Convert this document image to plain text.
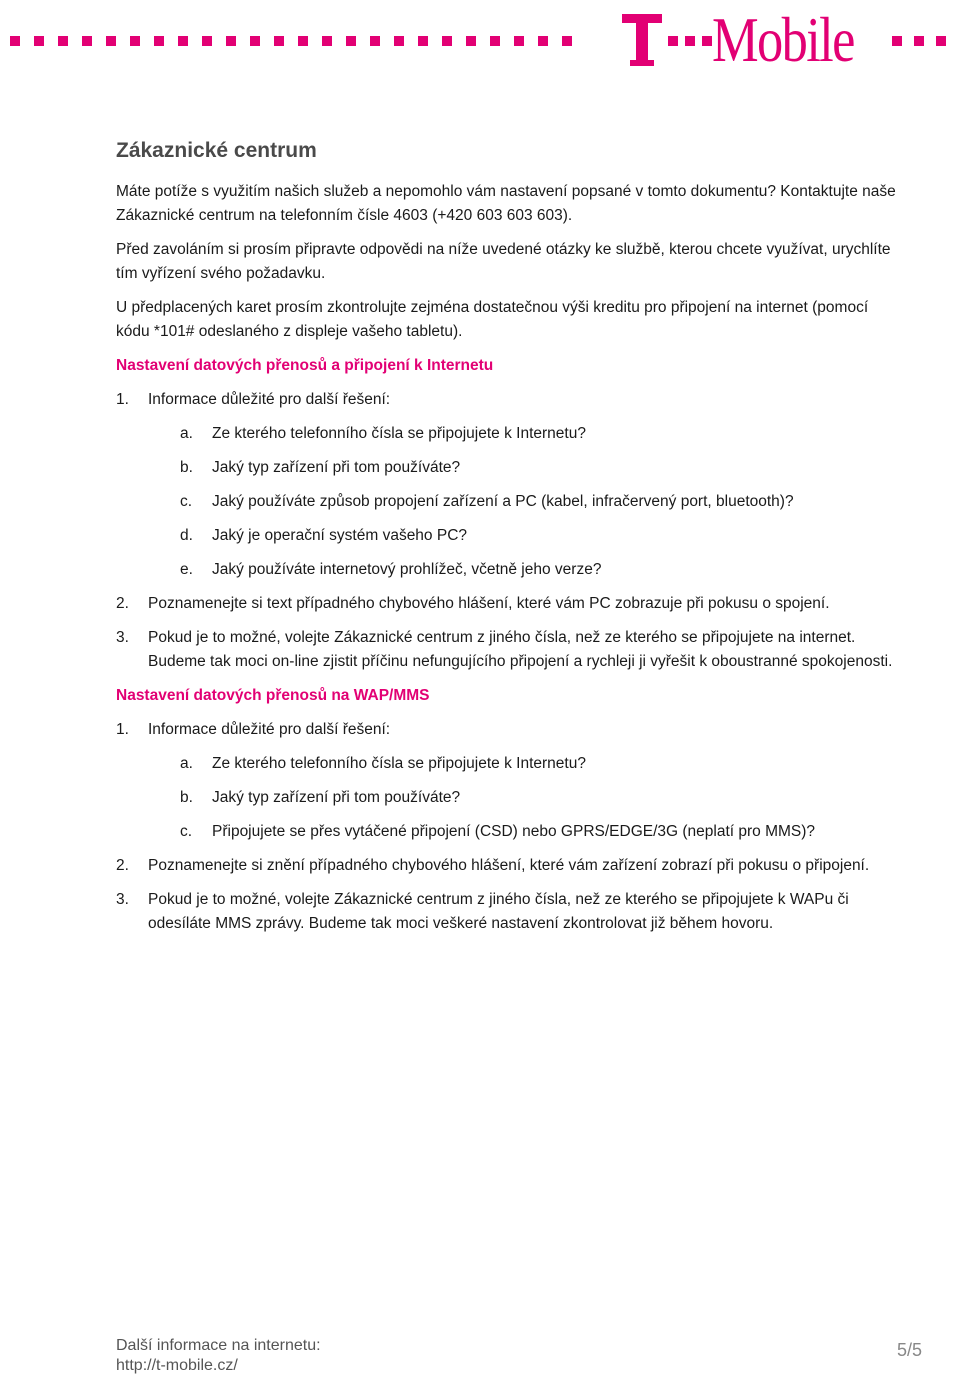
Mobile
Zákaznické centrum

Máte potíže s využitím našich služeb a nepomohlo vám nastavení popsané v tomto dokumentu? Kontaktujte naše Zákaznické centrum na telefonním čísle 4603 (+420 603 603 603).

Před zavoláním si prosím připravte odpovědi na níže uvedené otázky ke službě, kterou chcete využívat, urychlíte tím vyřízení svého požadavku.

U předplacených karet prosím zkontrolujte zejména dostatečnou výši kreditu pro připojení na internet (pomocí kódu *101# odeslaného z displeje vašeho tabletu).

Nastavení datových přenosů a připojení k Internetu
1.	Informace důležité pro další řešení:
a.	Ze kterého telefonního čísla se připojujete k Internetu?
b.	Jaký typ zařízení při tom používáte?
c.	Jaký používáte způsob propojení zařízení a PC (kabel, infračervený port, bluetooth)?
d.	Jaký je operační systém vašeho PC?
e.	Jaký používáte internetový prohlížeč, včetně jeho verze?
2.	Poznamenejte si text případného chybového hlášení, které vám PC zobrazuje při pokusu o spojení.
3.	Pokud je to možné, volejte Zákaznické centrum z jiného čísla, než ze kterého se připojujete na internet. Budeme tak moci on-line zjistit příčinu nefungujícího připojení a rychleji ji vyřešit k oboustranné spokojenosti.
Nastavení datových přenosů na WAP/MMS
1.	Informace důležité pro další řešení:
a.	Ze kterého telefonního čísla se připojujete k Internetu?
b.	Jaký typ zařízení při tom používáte?
c.	Připojujete se přes vytáčené připojení (CSD) nebo GPRS/EDGE/3G (neplatí pro MMS)?
2.	Poznamenejte si znění případného chybového hlášení, které vám zařízení zobrazí při pokusu o připojení.
3.	Pokud je to možné, volejte Zákaznické centrum z jiného čísla, než ze kterého se připojujete k WAPu či odesíláte MMS zprávy. Budeme tak moci veškeré nastavení zkontrolovat již během hovoru.
Další informace na internetu:
http://t-mobile.cz/
5/5
